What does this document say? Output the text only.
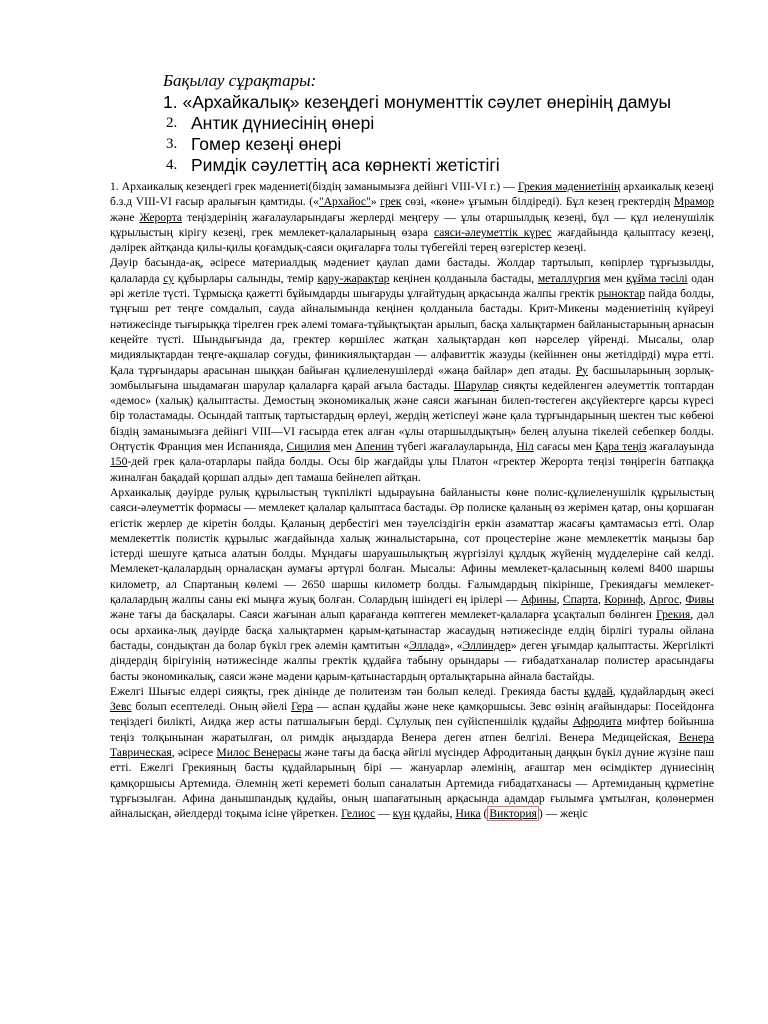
Бақылау сұрақтары:

1. «Архайкалық» кезеңдегі монументтік сәулет өнерінің дамуы

2. Антик дүниесінің өнері
3. Гомер кезеңі өнері
4. Римдік сәулеттің аса көрнекті жетістігі

1. Архаикалық кезеңдегі грек мәдениеті(біздің заманымызға дейінгі VIII-VI г.) — Грекия мәдениетінің архаикалық кезеңі б.з.д VIII-VI ғасыр аралығын қамтиды. («"Архайос"» грек сөзі, «көне» ұғымын білдіреді). Бұл кезең гректердің Мрамор және Жерорта теңіздерінің жағалауларындағы жерлерді меңгеру — ұлы отаршылдық кезеңі, бұл — құл иеленушілік құрылыстың кірігу кезеңі, грек мемлекет-қалаларының өзара саяси-әлеуметтік күрес жағдайында қалыптасу кезеңі, дәлірек айтқанда қилы-қилы қоғамдық-саяси оқиғаларға толы түбегейлі терең өзгерістер кезеңі.

Дәуір басында-ақ, әсіресе материалдық мәдениет қаулап дами бастады. Жолдар тартылып, көпірлер тұрғызылды, қалаларда су құбырлары салынды, темір қару-жарақтар кеңінен қолданыла бастады, металлургия мен құйма тәсілі одан әрі жетіле түсті. Тұрмысқа қажетті бұйымдарды шығаруды ұлғайтудың арқасында жалпы гректік рыноктар пайда болды, тұңғыш рет теңге сомдалып, сауда айналымында кеңінен қолданыла бастады. Крит-Микены мәдениетінің күйреуі нәтижесінде тығырыққа тірелген грек әлемі томаға-тұйықтықтан арылып, басқа халықтармен байланыстарының арнасын кеңейте түсті. Шындығында да, гректер көршілес жатқан халықтардан көп нәрселер үйренді. Мысалы, олар мидиялықтардан теңге-ақшалар соғуды, финикиялықтардан — алфавиттік жазуды (кейіннен оны жетілдірді) мұра етті. Қала тұрғындары арасынан шыққан байыған құлиеленушілерді «жаңа байлар» деп атады. Ру басшыларының зорлық-зомбылығына шыдамаған шарулар қалаларға қарай ағыла бастады. Шарулар сияқты кедейленген әлеуметтік топтардан «демос» (халық) қалыптасты. Демостың экономикалық және саяси жағынан билеп-төстеген ақсүйектерге қарсы күресі бір толастамады. Осындай таптық тартыстардың өрлеуі, жердің жетіспеуі және қала тұрғындарының шектен тыс көбеюі біздің заманымызға дейінгі VIII—VI ғасырда етек алған «ұлы отаршылдықтың» белең алуына тікелей себепкер болды. Оңтүстік Франция мен Испанияда, Сицилия мен Апенин түбегі жағалауларында, Ніл сағасы мен Қара теңіз жағалауында 150-дей грек қала-отарлары пайда болды. Осы бір жағдайды ұлы Платон «гректер Жерорта теңізі төңірегін батпаққа жиналған бақадай қоршап алды» деп тамаша бейнелеп айтқан.

Архаикалық дәуірде рулық құрылыстың түкпілікті ыдырауына байланысты көне полис-құлиеленушілік құрылыстың саяси-әлеуметтік формасы — мемлекет қалалар қалыптаса бастады. Әр полиске қаланың өз жерімен қатар, оны қоршаған егістік жерлер де кіретін болды. Қаланың дербестігі мен тәуелсіздігін еркін азаматтар жасағы қамтамасыз етті. Олар мемлекеттік полистік құрылыс жағдайында халық жиналыстарына, сот процестеріне және мемлекеттік маңызы бар істерді шешуге қатыса алатын болды. Мұндағы шаруашылықтың жүргізілуі құлдық жүйенің мүдделеріне сай келді. Мемлекет-қалалардың орналасқан аумағы әртүрлі болған. Мысалы: Афины мемлекет-қаласының көлемі 8400 шаршы километр, ал Спартаның көлемі — 2650 шаршы километр болды. Ғалымдардың пікірінше, Грекиядағы мемлекет-қалалардың жалпы саны екі мыңға жуық болған. Солардың ішіндегі ең ірілері — Афины, Спарта, Коринф, Аргос, Фивы және тағы да басқалары. Саяси жағынан алып қарағанда көптеген мемлекет-қалаларға ұсақталып бөлінген Грекия, дәл осы архаика-лық дәуірде басқа халықтармен қарым-қатынастар жасаудың нәтижесінде елдің бірлігі туралы ойлана бастады, сондықтан да болар бүкіл грек әлемін қамтитын «Эллада», «Эллиндер» деген ұғымдар қалыптасты. Жергілікті діндердің бірігуінің нәтижесінде жалпы гректік құдайға табыну орындары — ғибадатханалар полистер арасындағы басты экономикалық, саяси және мәдени қарым-қатынастардың орталықтарына айнала бастайды.

Ежелгі Шығыс елдері сияқты, грек дінінде де политеизм тән болып келеді. Грекияда басты құдай, құдайлардың әкесі Зевс болып есептеледі. Оның әйелі Гера — аспан құдайы және неке қамқоршысы. Зевс өзінің ағайындары: Посейдонға теңіздегі билікті, Аидқа жер асты патшалығын берді. Сұлулық пен сүйіспеншілік құдайы Афродита мифтер бойынша теңіз толқынынан жаратылған, ол римдік аңыздарда Венера деген атпен белгілі. Венера Медицейская, Венера Таврическая, әсіресе Милос Венерасы және тағы да басқа әйгілі мүсіндер Афродитаның даңқын бүкіл дүние жүзіне паш етті. Ежелгі Грекияның басты құдайларының бірі — жануарлар әлемінің, ағаштар мен өсімдіктер дүниесінің қамқоршысы Артемида. Әлемнің жеті кереметі болып саналатын Артемида ғибадатханасы — Артемиданың құрметіне тұрғызылған. Афина данышпандық құдайы, оның шапағатының арқасында адамдар ғылымға ұмтылған, қолөнермен айналысқан, әйелдерді тоқыма ісіне үйреткен. Гелиос — күн құдайы, Ника ( Виктория ) — жеңіс
